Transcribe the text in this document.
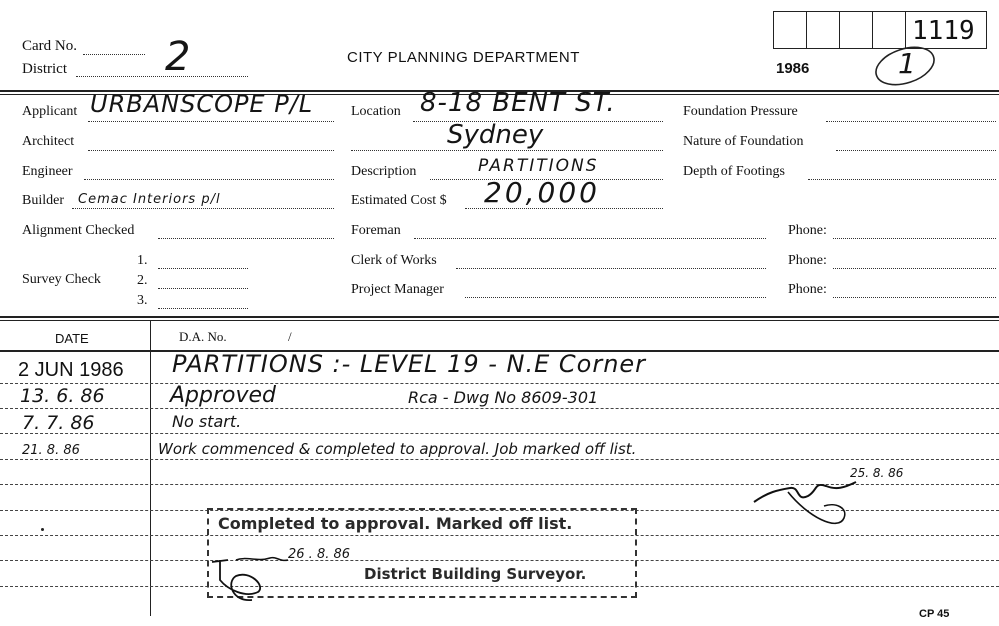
Card No.
District 2	CITY PLANNING DEPARTMENT
1986
1119
1
Applicant URBANSCOPE P/L
Architect
Engineer
Builder Cemac Interiors p/l
Alignment Checked
Survey Check
1.
2.
3.
Location 8-18 BENT ST.
Sydney
Description	PARTITIONS
Estimated Cost $ 20,000
Foreman
Clerk of Works
Project Manager
Foundation Pressure
Nature of Foundation
Depth of Footings
Phone:
Phone:
Phone:
DATE	D.A. No.	/
2 JUN 1986 PARTITIONS :- LEVEL 19 - N.E Corner
13. 6. 86	Approved	Rca - Dwg No 8609-301
7. 7. 86	No start.
21. 8. 86	Work commenced & completed to approval. Job marked off list.
25. 8. 86
Completed to approval. Marked off list.
District Building Surveyor.
26 . 8. 86
CP 45
